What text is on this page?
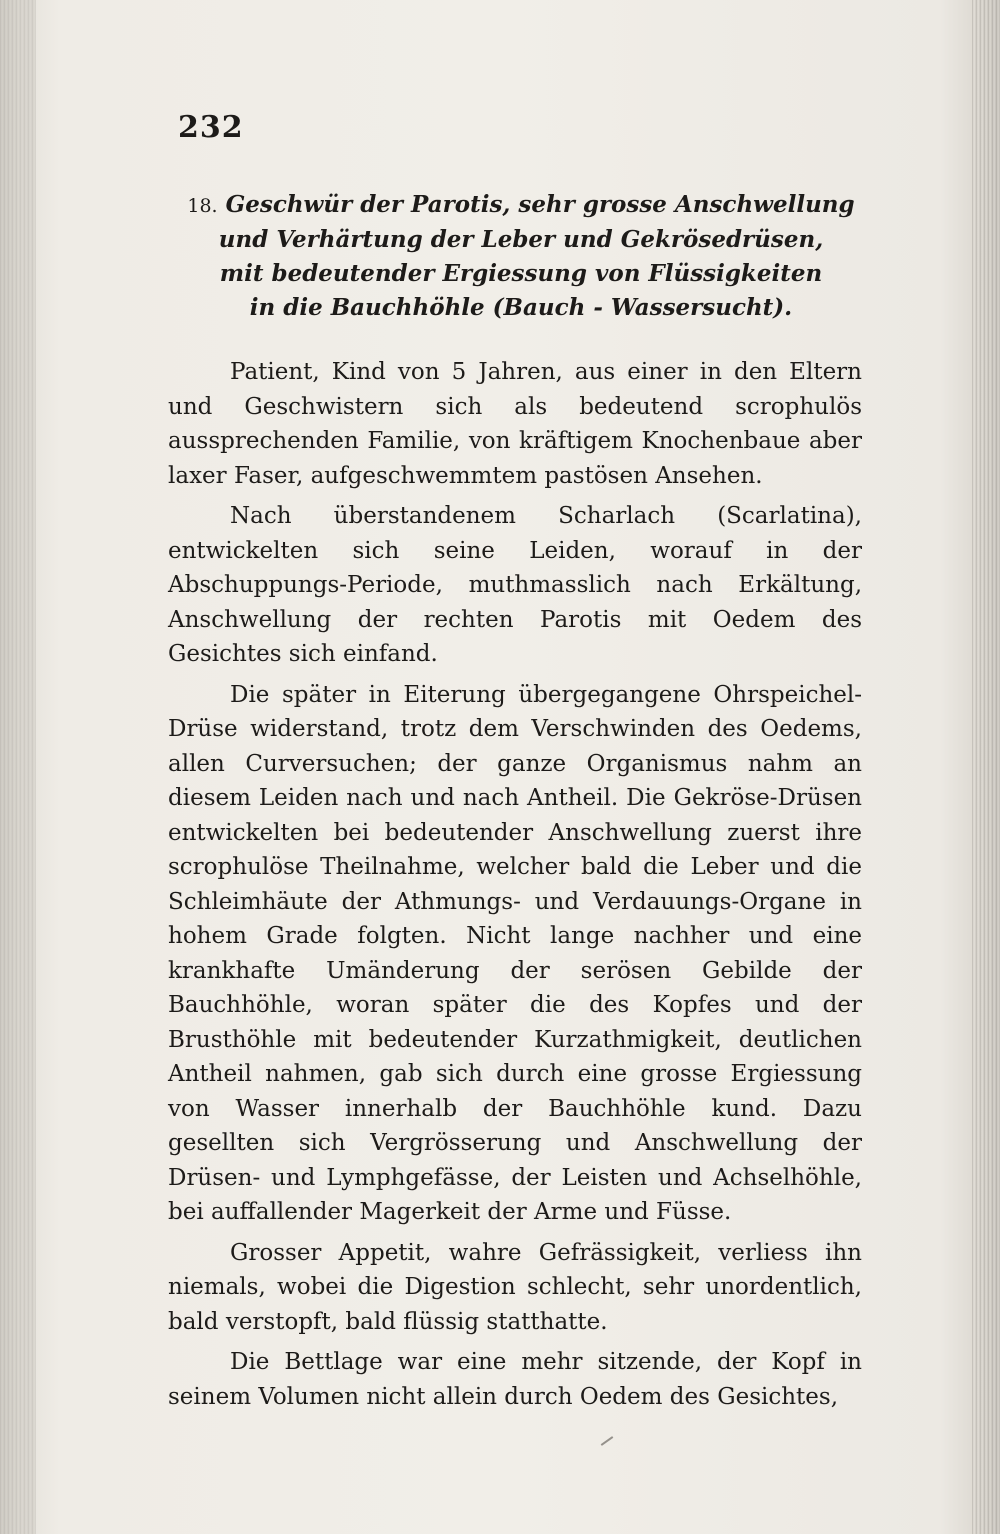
232
18. Geschwür der Parotis, sehr grosse Anschwellung
und Verhärtung der Leber und Gekrösedrüsen,
mit bedeutender Ergiessung von Flüssigkeiten
in die Bauchhöhle (Bauch - Wassersucht).

Patient, Kind von 5 Jahren, aus einer in den Eltern und Geschwistern sich als bedeutend scrophulös aussprechenden Familie, von kräftigem Knochenbaue aber laxer Faser, aufgeschwemmtem pastösen Ansehen.

Nach überstandenem Scharlach (Scarlatina), entwickelten sich seine Leiden, worauf in der Abschuppungs-Periode, muthmasslich nach Erkältung, Anschwellung der rechten Parotis mit Oedem des Gesichtes sich einfand.

Die später in Eiterung übergegangene Ohrspeichel-Drüse widerstand, trotz dem Verschwinden des Oedems, allen Curversuchen; der ganze Organismus nahm an diesem Leiden nach und nach Antheil. Die Gekröse-Drüsen entwickelten bei bedeutender Anschwellung zuerst ihre scrophulöse Theilnahme, welcher bald die Leber und die Schleimhäute der Athmungs- und Verdauungs-Organe in hohem Grade folgten. Nicht lange nachher und eine krankhafte Umänderung der serösen Gebilde der Bauchhöhle, woran später die des Kopfes und der Brusthöhle mit bedeutender Kurzathmigkeit, deutlichen Antheil nahmen, gab sich durch eine grosse Ergiessung von Wasser innerhalb der Bauchhöhle kund. Dazu gesellten sich Vergrösserung und Anschwellung der Drüsen- und Lymphgefässe, der Leisten und Achselhöhle, bei auffallender Magerkeit der Arme und Füsse.

Grosser Appetit, wahre Gefrässigkeit, verliess ihn niemals, wobei die Digestion schlecht, sehr unordentlich, bald verstopft, bald flüssig statthatte.

Die Bettlage war eine mehr sitzende, der Kopf in seinem Volumen nicht allein durch Oedem des Gesichtes,
